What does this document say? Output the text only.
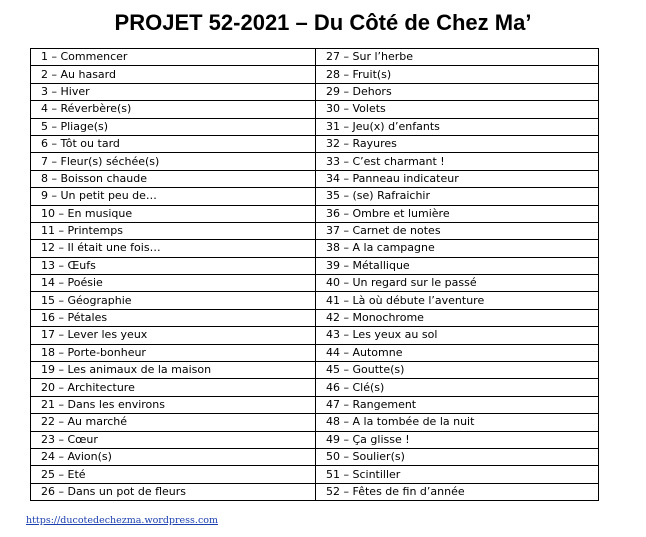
PROJET 52-2021 – Du Côté de Chez Ma’
1 – Commencer	27 – Sur l’herbe
2 – Au hasard	28 – Fruit(s)
3 – Hiver	29 – Dehors
4 – Réverbère(s)	30 – Volets
5 – Pliage(s)	31 – Jeu(x) d’enfants
6 – Tôt ou tard	32 – Rayures
7 – Fleur(s) séchée(s)	33 – C’est charmant !
8 – Boisson chaude	34 – Panneau indicateur
9 – Un petit peu de…	35 – (se) Rafraichir
10 – En musique	36 – Ombre et lumière
11 – Printemps	37 – Carnet de notes
12 – Il était une fois…	38 – A la campagne
13 – Œufs	39 – Métallique
14 – Poésie	40 – Un regard sur le passé
15 – Géographie	41 – Là où débute l’aventure
16 – Pétales	42 – Monochrome
17 – Lever les yeux	43 – Les yeux au sol
18 – Porte-bonheur	44 – Automne
19 – Les animaux de la maison	45 – Goutte(s)
20 – Architecture	46 – Clé(s)
21 – Dans les environs	47 – Rangement
22 – Au marché	48 – A la tombée de la nuit
23 – Cœur	49 – Ça glisse !
24 – Avion(s)	50 – Soulier(s)
25 – Eté	51 – Scintiller
26 – Dans un pot de fleurs	52 – Fêtes de fin d’année
https://ducotedechezma.wordpress.com
